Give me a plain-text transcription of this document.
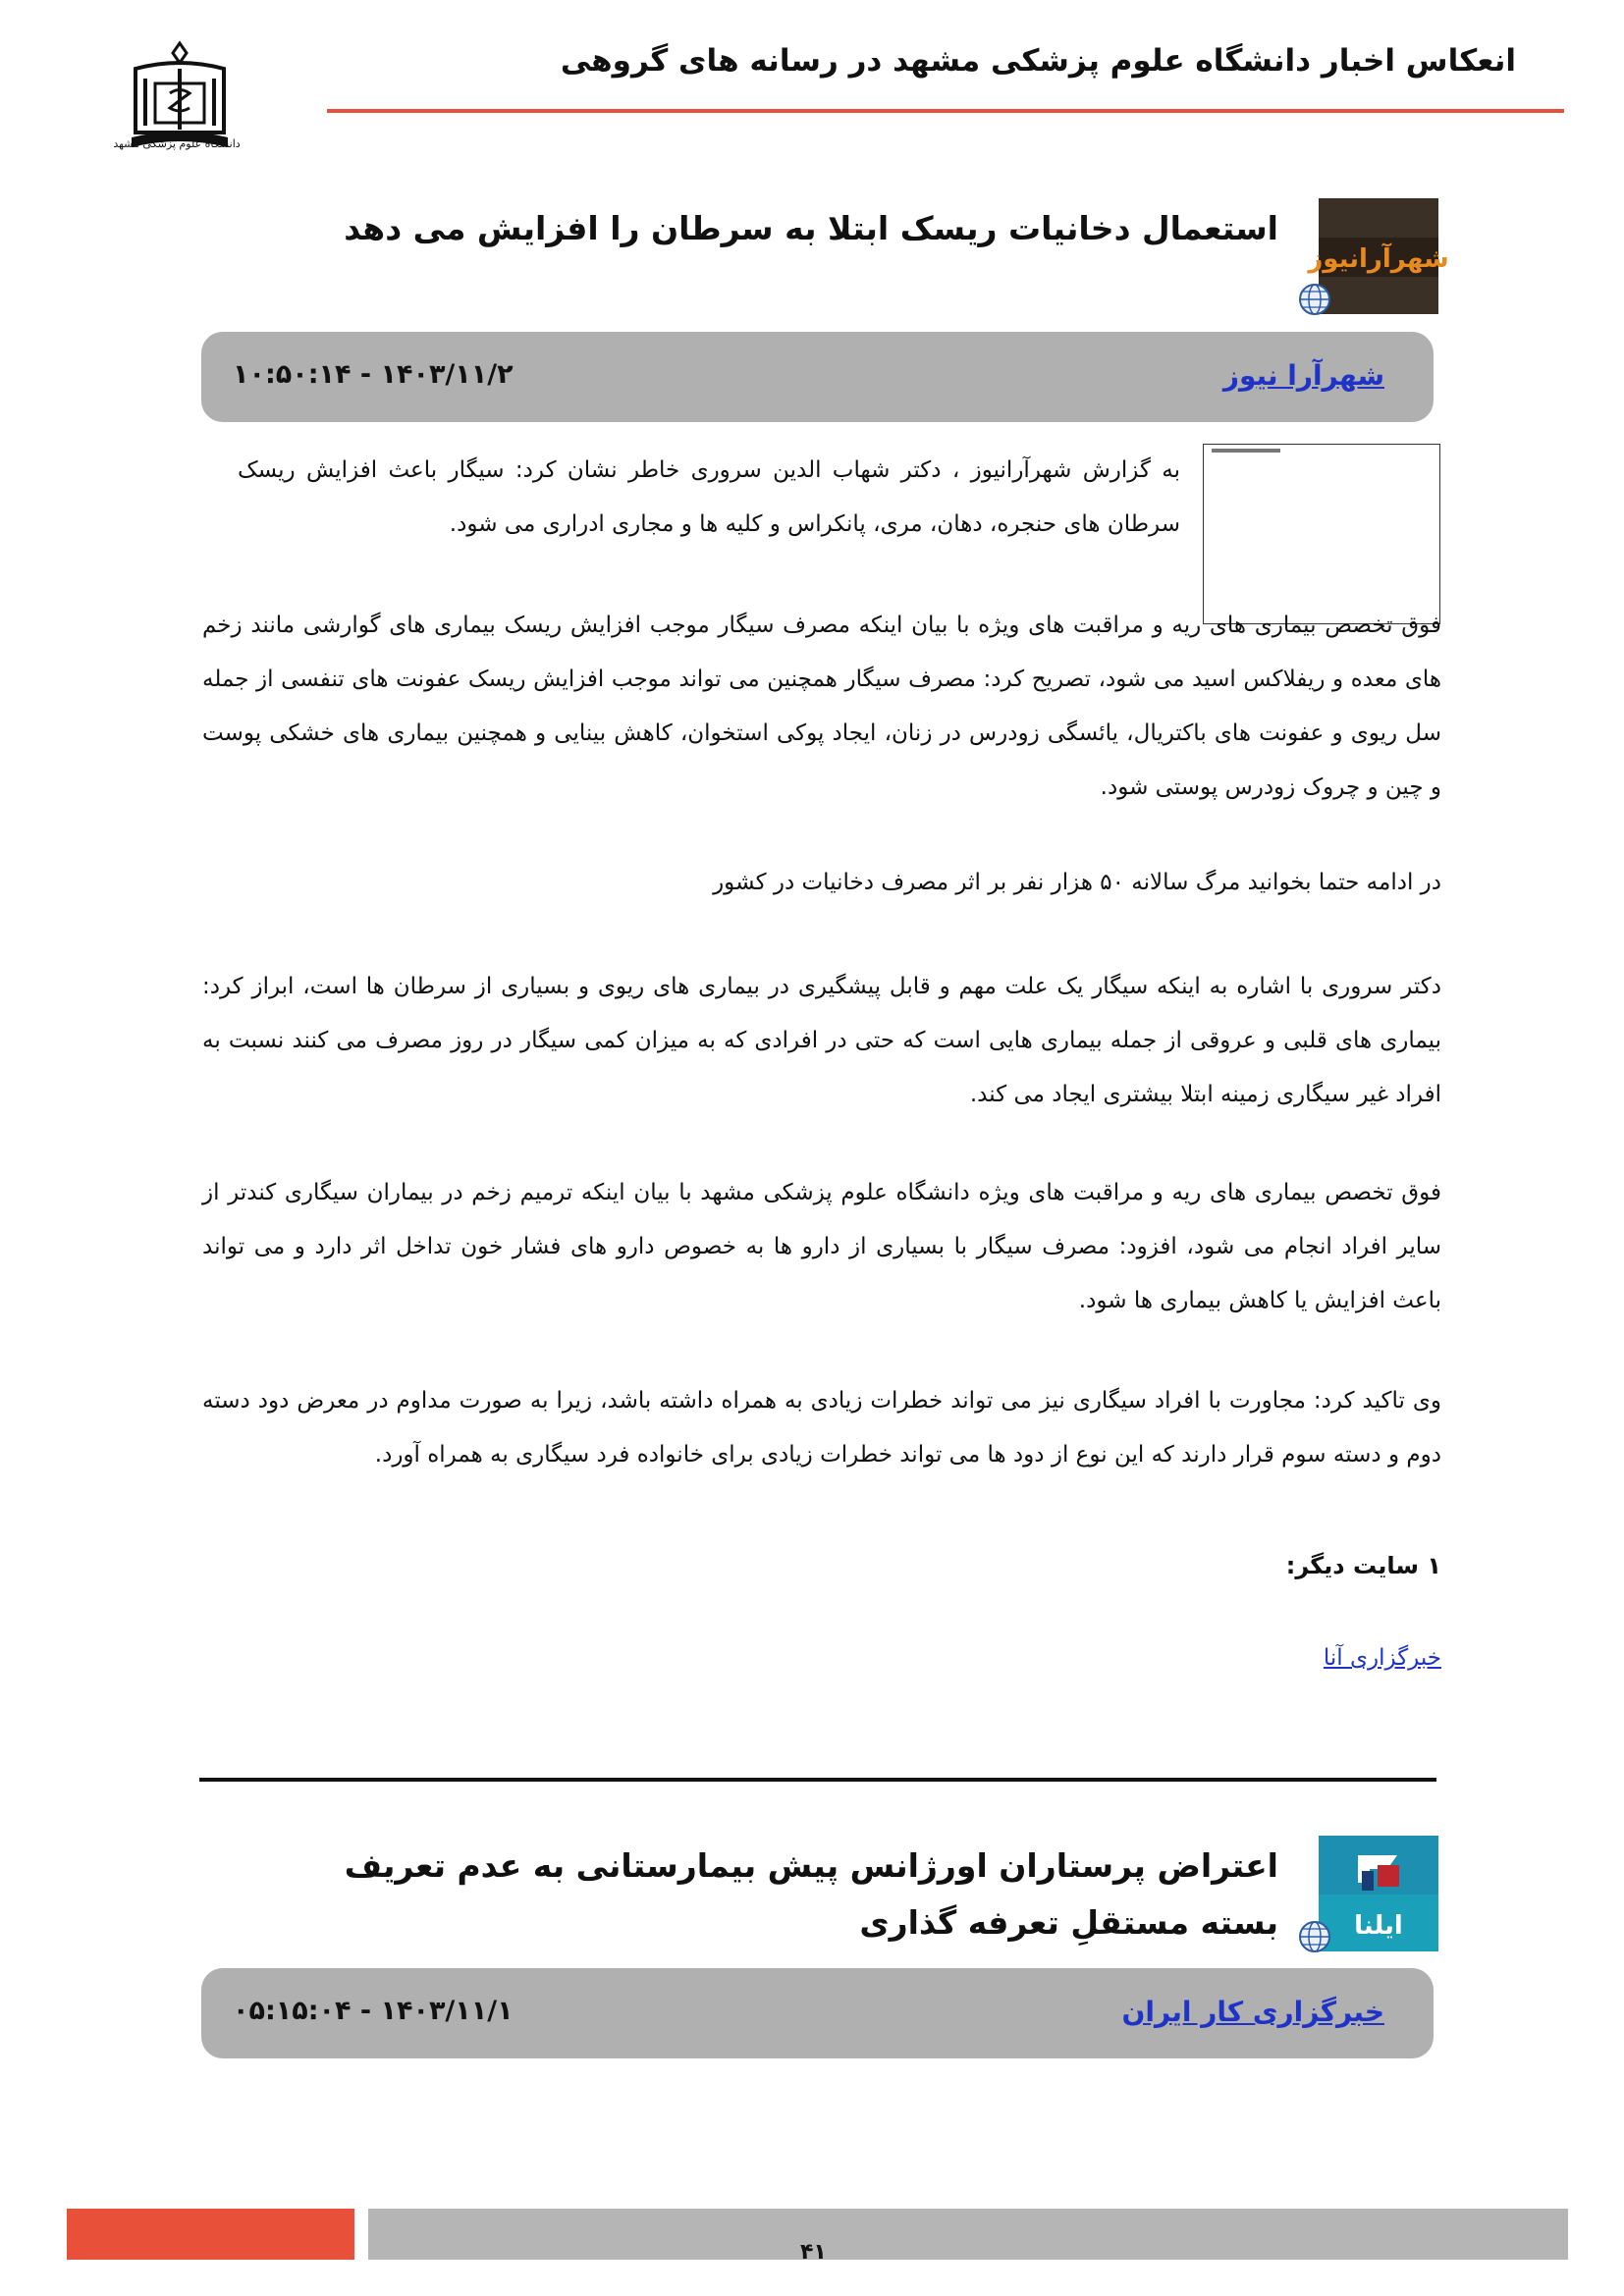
انعکاس اخبار دانشگاه علوم پزشکی مشهد در رسانه های گروهی
دانشگاه علوم پزشکی مشهد
شهرآرانیوز
استعمال دخانیات ریسک ابتلا به سرطان را افزایش می دهد
شهرآرا نیوز
۱۴۰۳/۱۱/۲ - ۱۰:۵۰:۱۴
به گزارش شهرآرانیوز ، دکتر شهاب الدین سروری خاطر نشان کرد: سیگار باعث افزایش ریسک سرطان های حنجره، دهان، مری، پانکراس و کلیه ها و مجاری ادراری می شود.
فوق تخصص بیماری های ریه و مراقبت های ویژه با بیان اینکه مصرف سیگار موجب افزایش ریسک بیماری های گوارشی مانند زخم های معده و ریفلاکس اسید می شود، تصریح کرد: مصرف سیگار همچنین می تواند موجب افزایش ریسک عفونت های تنفسی از جمله سل ریوی و عفونت های باکتریال، یائسگی زودرس در زنان، ایجاد پوکی استخوان، کاهش بینایی و همچنین بیماری های خشکی پوست و چین و چروک زودرس پوستی شود.
در ادامه حتما بخوانید مرگ سالانه ۵۰ هزار نفر بر اثر مصرف دخانیات در کشور
دکتر سروری با اشاره به اینکه سیگار یک علت مهم و قابل پیشگیری در بیماری های ریوی و بسیاری از سرطان ها است، ابراز کرد: بیماری های قلبی و عروقی از جمله بیماری هایی است که حتی در افرادی که به میزان کمی سیگار در روز مصرف می کنند نسبت به افراد غیر سیگاری زمینه ابتلا بیشتری ایجاد می کند.
فوق تخصص بیماری های ریه و مراقبت های ویژه دانشگاه علوم پزشکی مشهد با بیان اینکه ترمیم زخم در بیماران سیگاری کندتر از سایر افراد انجام می شود، افزود: مصرف سیگار با بسیاری از دارو ها به خصوص دارو های فشار خون تداخل اثر دارد و می تواند باعث افزایش یا کاهش بیماری ها شود.
وی تاکید کرد: مجاورت با افراد سیگاری نیز می تواند خطرات زیادی به همراه داشته باشد، زیرا به صورت مداوم در معرض دود دسته دوم و دسته سوم قرار دارند که این نوع از دود ها می تواند خطرات زیادی برای خانواده فرد سیگاری به همراه آورد.
۱ سایت دیگر:
خبرگزاری آنا
ایلنا
اعتراض پرستاران اورژانس پیش بیمارستانی به عدم تعریف بسته مستقلِ تعرفه گذاری
خبرگزاری کار ایران
۱۴۰۳/۱۱/۱ - ۰۵:۱۵:۰۴
۴۱
